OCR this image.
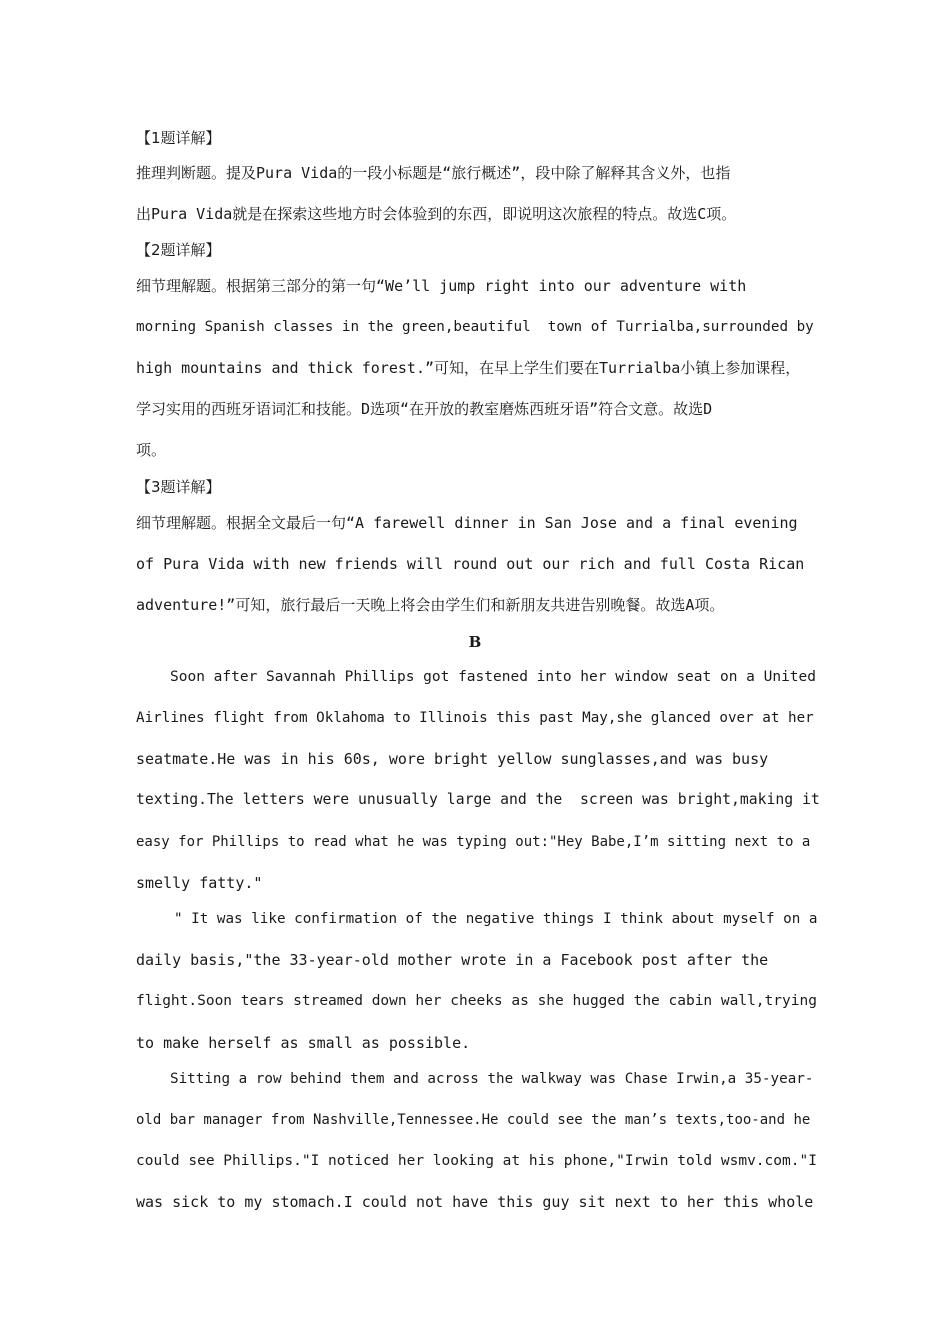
【1题详解】
推理判断题。提及Pura Vida的一段小标题是“旅行概述”，段中除了解释其含义外，也指
出Pura Vida就是在探索这些地方时会体验到的东西，即说明这次旅程的特点。故选C项。
【2题详解】
细节理解题。根据第三部分的第一句“We’ll jump right into our adventure with
morning Spanish classes in the green,beautiful  town of Turrialba,surrounded by
high mountains and thick forest.”可知，在早上学生们要在Turrialba小镇上参加课程，
学习实用的西班牙语词汇和技能。D选项“在开放的教室磨炼西班牙语”符合文意。故选D
项。
【3题详解】
细节理解题。根据全文最后一句“A farewell dinner in San Jose and a final evening
of Pura Vida with new friends will round out our rich and full Costa Rican
adventure!”可知，旅行最后一天晚上将会由学生们和新朋友共进告别晚餐。故选A项。
B
Soon after Savannah Phillips got fastened into her window seat on a United
Airlines flight from Oklahoma to Illinois this past May,she glanced over at her
seatmate.He was in his 60s, wore bright yellow sunglasses,and was busy
texting.The letters were unusually large and the  screen was bright,making it
easy for Phillips to read what he was typing out:"Hey Babe,I’m sitting next to a
smelly fatty."
" It was like confirmation of the negative things I think about myself on a
daily basis,"the 33-year-old mother wrote in a Facebook post after the
flight.Soon tears streamed down her cheeks as she hugged the cabin wall,trying
to make herself as small as possible.
Sitting a row behind them and across the walkway was Chase Irwin,a 35-year-
old bar manager from Nashville,Tennessee.He could see the man’s texts,too-and he
could see Phillips."I noticed her looking at his phone,"Irwin told wsmv.com."I
was sick to my stomach.I could not have this guy sit next to her this whole
